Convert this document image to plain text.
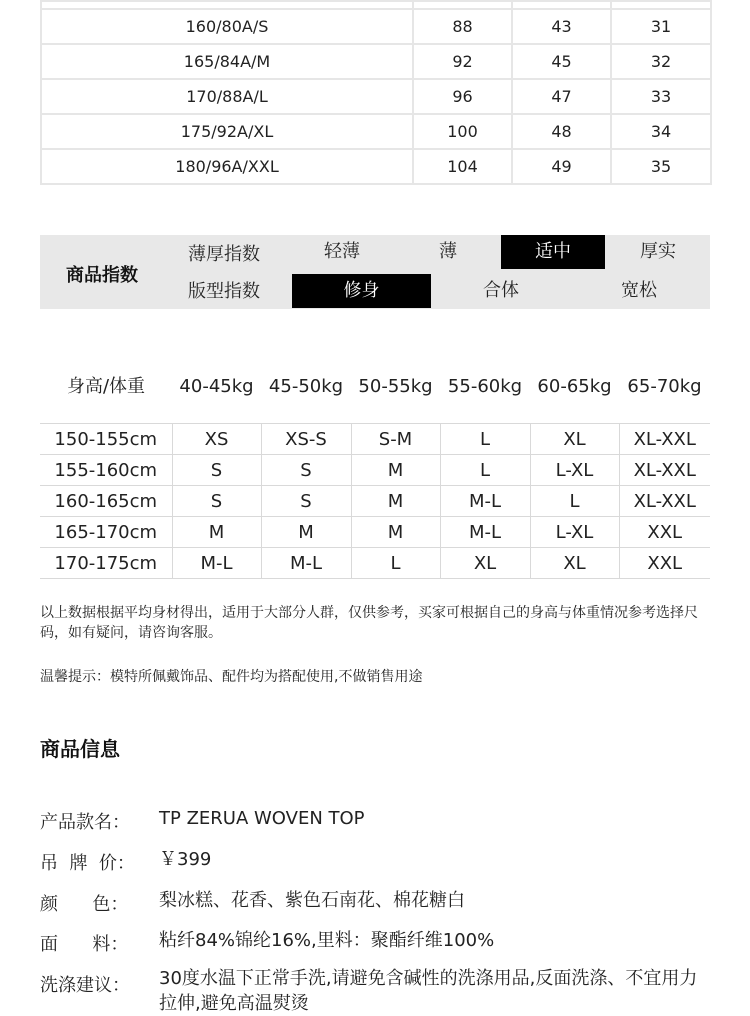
160/80A/S	88	43	31
165/84A/M	92	45	32
170/88A/L	96	47	33
175/92A/XL	100	48	34
180/96A/XXL	104	49	35
商品指数
薄厚指数	轻薄	薄	适中	厚实
版型指数	修身	合体	宽松
身高/体重	40-45kg 45-50kg 50-55kg 55-60kg 60-65kg 65-70kg
150-155cm	XS	XS-S	S-M	L	XL	XL-XXL
155-160cm	S	S	M	L	L-XL	XL-XXL
160-165cm	S	S	M	M-L	L	XL-XXL
165-170cm	M	M	M	M-L	L-XL	XXL
170-175cm	M-L	M-L	L	XL	XL	XXL
以上数据根据平均身材得出，适用于大部分人群，仅供参考，买家可根据自己的身高与体重情况参考选择尺码，如有疑问，请咨询客服。
温馨提示：模特所佩戴饰品、配件均为搭配使用,不做销售用途
商品信息
产品款名： TP ZERUA WOVEN TOP
吊  牌  价： ￥399
颜      色： 梨冰糕、花香、紫色石南花、棉花糖白
面      料： 粘纤84%锦纶16%,里料：聚酯纤维100%
洗涤建议： 30度水温下正常手洗,请避免含碱性的洗涤用品,反面洗涤、不宜用力拉伸,避免高温熨烫
